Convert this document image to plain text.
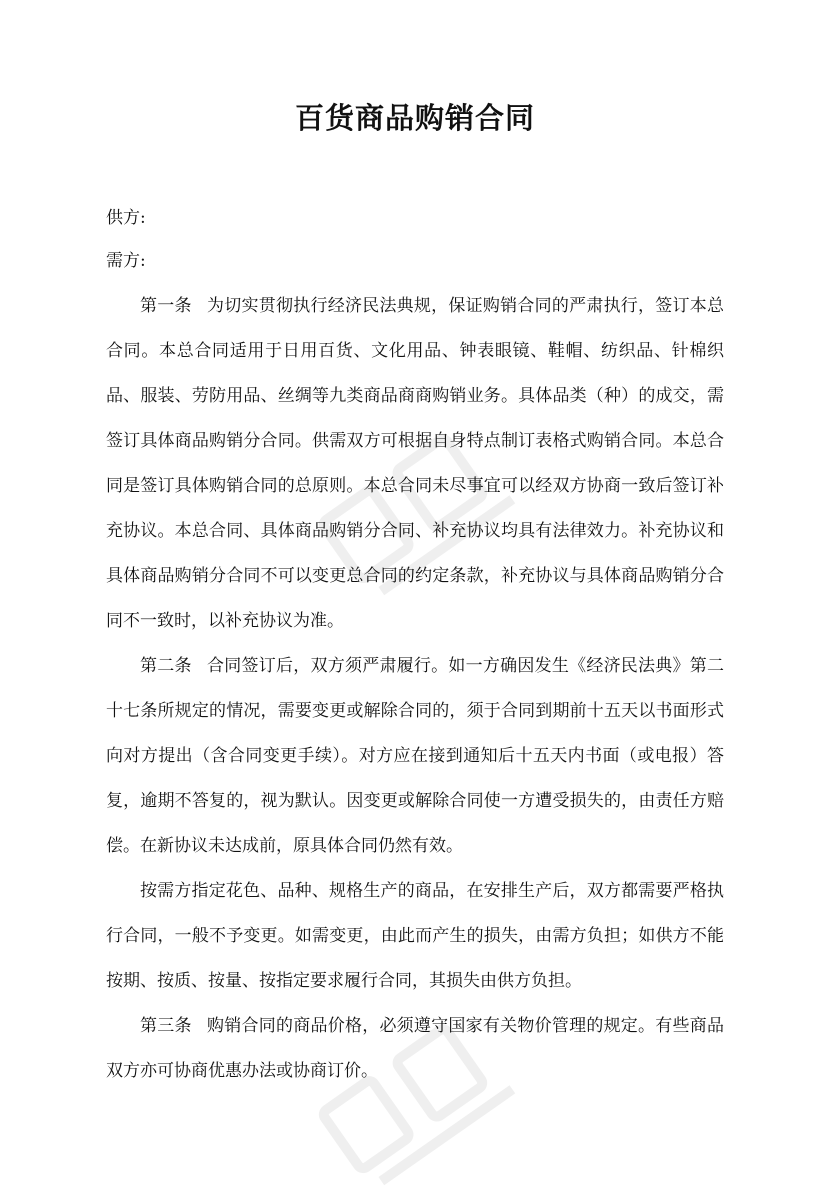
百货商品购销合同
供方:
需方:

第一条 为切实贯彻执行经济民法典规，保证购销合同的严肃执行，签订本总合同。本总合同适用于日用百货、文化用品、钟表眼镜、鞋帽、纺织品、针棉织品、服装、劳防用品、丝绸等九类商品商商购销业务。具体品类（种）的成交，需签订具体商品购销分合同。供需双方可根据自身特点制订表格式购销合同。本总合同是签订具体购销合同的总原则。本总合同未尽事宜可以经双方协商一致后签订补充协议。本总合同、具体商品购销分合同、补充协议均具有法律效力。补充协议和具体商品购销分合同不可以变更总合同的约定条款，补充协议与具体商品购销分合同不一致时，以补充协议为准。

第二条 合同签订后，双方须严肃履行。如一方确因发生《经济民法典》第二十七条所规定的情况，需要变更或解除合同的，须于合同到期前十五天以书面形式向对方提出（含合同变更手续）。对方应在接到通知后十五天内书面（或电报）答复，逾期不答复的，视为默认。因变更或解除合同使一方遭受损失的，由责任方赔偿。在新协议未达成前，原具体合同仍然有效。

按需方指定花色、品种、规格生产的商品，在安排生产后，双方都需要严格执行合同，一般不予变更。如需变更，由此而产生的损失，由需方负担；如供方不能按期、按质、按量、按指定要求履行合同，其损失由供方负担。

第三条 购销合同的商品价格，必须遵守国家有关物价管理的规定。有些商品双方亦可协商优惠办法或协商订价。
